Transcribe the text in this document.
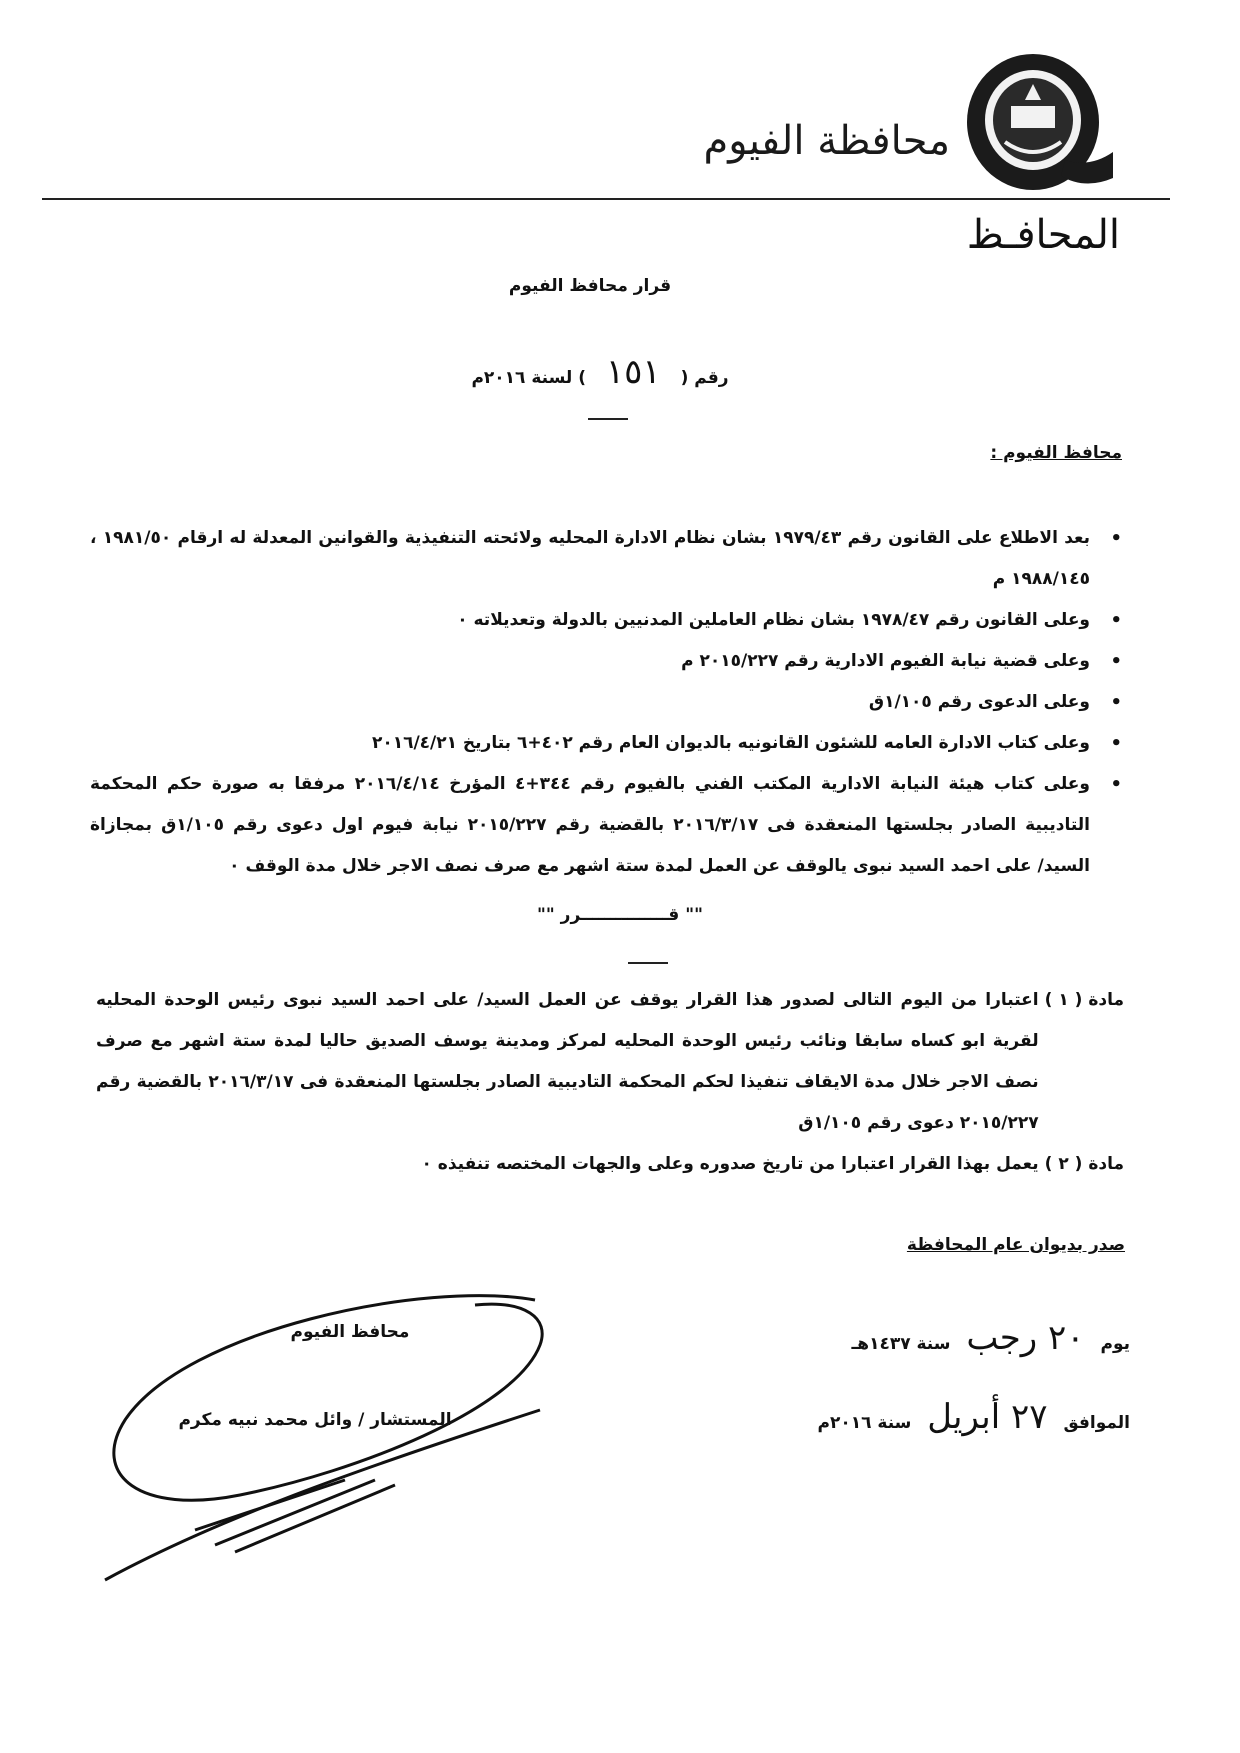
محافظة الفيوم
المحافـظ
قرار محافظ الفيوم
رقم ( ١٥١ ) لسنة ٢٠١٦م
محافظ الفيوم :
• بعد الاطلاع على القانون رقم ١٩٧٩/٤٣ بشان نظام الادارة المحليه ولائحته التنفيذية والقوانين المعدلة له ارقام ١٩٨١/٥٠ ، ١٩٨٨/١٤٥ م
• وعلى القانون رقم ١٩٧٨/٤٧ بشان نظام العاملين المدنيين بالدولة وتعديلاته ٠
• وعلى قضية نيابة الفيوم الادارية رقم ٢٠١٥/٢٢٧ م
• وعلى الدعوى رقم ١/١٠٥ق
• وعلى كتاب الادارة العامه للشئون القانونيه بالديوان العام رقم ٤٠٢+٦ بتاريخ ٢٠١٦/٤/٢١
• وعلى كتاب هيئة النيابة الادارية المكتب الفني بالفيوم رقم ٣٤٤+٤ المؤرخ ٢٠١٦/٤/١٤ مرفقا به صورة حكم المحكمة التاديبية الصادر بجلستها المنعقدة فى ٢٠١٦/٣/١٧ بالقضية رقم ٢٠١٥/٢٢٧ نيابة فيوم اول دعوى رقم ١/١٠٥ق بمجازاة السيد/ على احمد السيد نبوى يالوقف عن العمل لمدة ستة اشهر مع صرف نصف الاجر خلال مدة الوقف ٠
"" قـــــــــــــــرر ""
مادة ( ١ )
اعتبارا من اليوم التالى لصدور هذا القرار يوقف عن العمل السيد/ على احمد السيد نبوى رئيس الوحدة المحليه لقرية ابو كساه سابقا ونائب رئيس الوحدة المحليه لمركز ومدينة يوسف الصديق حاليا لمدة ستة اشهر مع صرف نصف الاجر خلال مدة الايقاف تنفيذا لحكم المحكمة التاديبية الصادر بجلستها المنعقدة فى ٢٠١٦/٣/١٧ بالقضية رقم ٢٠١٥/٢٢٧ دعوى رقم ١/١٠٥ق
مادة ( ٢ )
يعمل بهذا القرار اعتبارا من تاريخ صدوره وعلى والجهات المختصه تنفيذه ٠
صدر بديوان عام المحافظة
يوم ٢٠ رجب سنة ١٤٣٧هـ
الموافق ٢٧ أبريل سنة ٢٠١٦م
محافظ الفيوم
المستشار / وائل محمد نبيه مكرم
